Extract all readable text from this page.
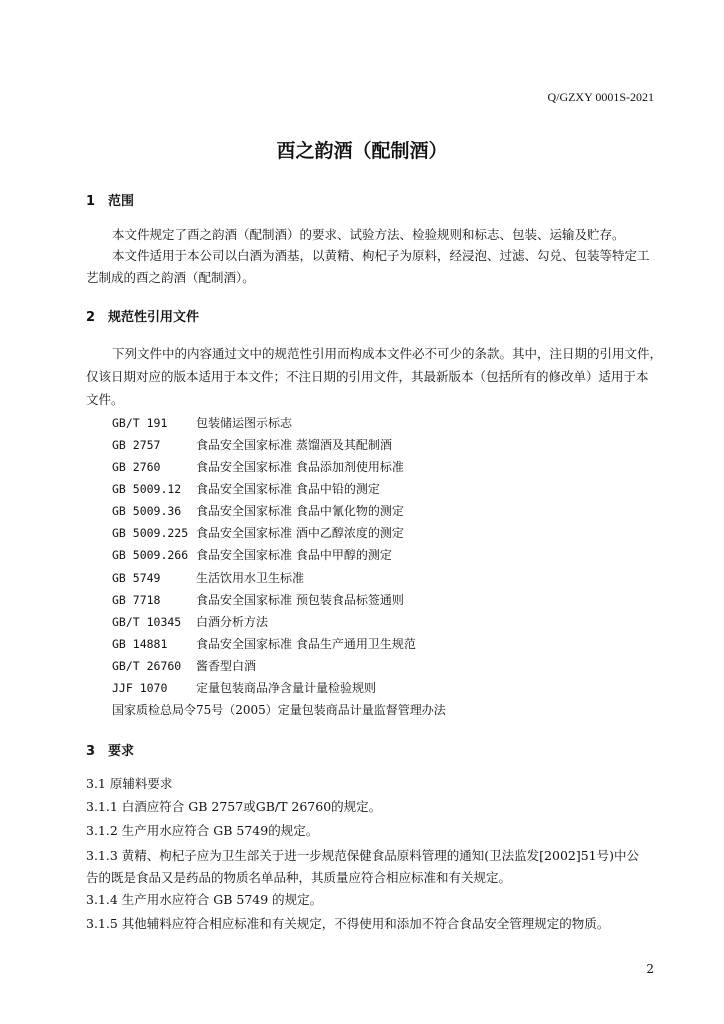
Q/GZXY 0001S-2021
酉之韵酒（配制酒）
1 范围
本文件规定了酉之韵酒（配制酒）的要求、试验方法、检验规则和标志、包装、运输及贮存。
本文件适用于本公司以白酒为酒基，以黄精、枸杞子为原料，经浸泡、过滤、勾兑、包装等特定工
艺制成的酉之韵酒（配制酒）。
2 规范性引用文件
下列文件中的内容通过文中的规范性引用而构成本文件必不可少的条款。其中，注日期的引用文件，
仅该日期对应的版本适用于本文件；不注日期的引用文件，其最新版本（包括所有的修改单）适用于本
文件。
GB/T 191 包装储运图示标志
GB 2757	食品安全国家标准 蒸馏酒及其配制酒
GB 2760	食品安全国家标准 食品添加剂使用标准
GB 5009.12 食品安全国家标准 食品中铅的测定
GB 5009.36 食品安全国家标准 食品中氰化物的测定
GB 5009.225 食品安全国家标准 酒中乙醇浓度的测定
GB 5009.266 食品安全国家标准 食品中甲醇的测定
GB 5749	生活饮用水卫生标准
GB 7718	食品安全国家标准 预包装食品标签通则
GB/T 10345 白酒分析方法
GB 14881 食品安全国家标准 食品生产通用卫生规范
GB/T 26760 酱香型白酒
JJF 1070 定量包装商品净含量计量检验规则
国家质检总局令75号（2005）定量包装商品计量监督管理办法
3 要求
3.1 原辅料要求
3.1.1 白酒应符合 GB 2757或GB/T 26760的规定。
3.1.2 生产用水应符合 GB 5749的规定。
3.1.3 黄精、枸杞子应为卫生部关于进一步规范保健食品原料管理的通知(卫法监发[2002]51号)中公
告的既是食品又是药品的物质名单品种，其质量应符合相应标准和有关规定。
3.1.4 生产用水应符合 GB 5749 的规定。
3.1.5 其他辅料应符合相应标准和有关规定，不得使用和添加不符合食品安全管理规定的物质。
2
